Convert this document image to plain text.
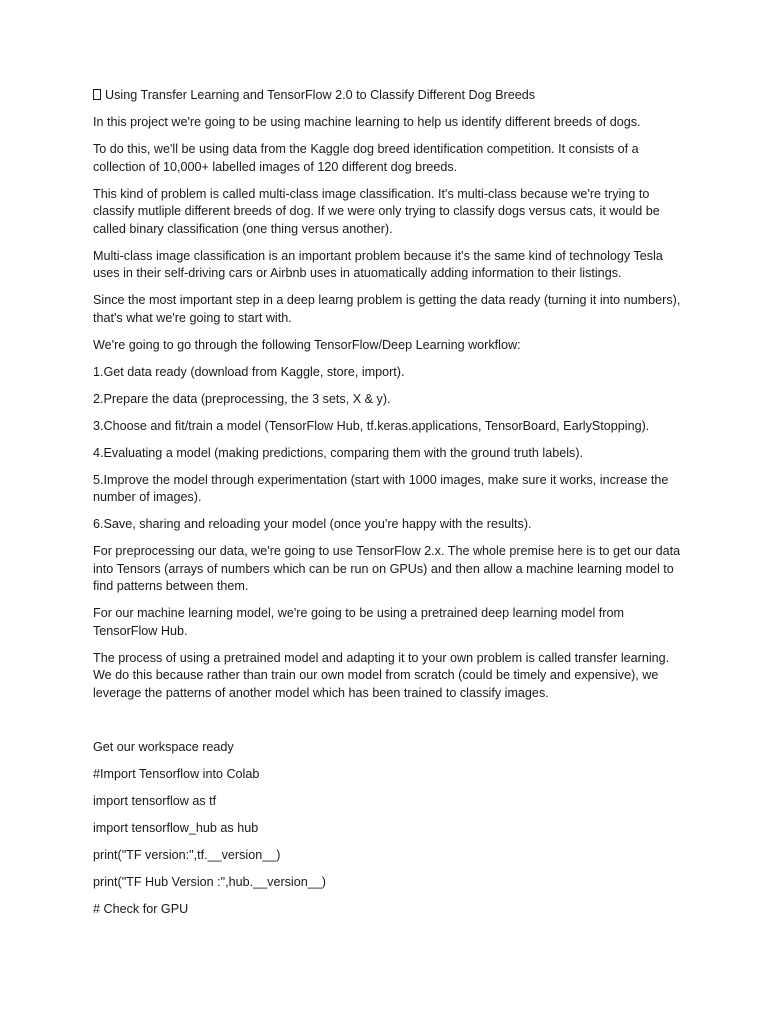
Using Transfer Learning and TensorFlow 2.0 to Classify Different Dog Breeds

In this project we're going to be using machine learning to help us identify different breeds of dogs.

To do this, we'll be using data from the Kaggle dog breed identification competition. It consists of a collection of 10,000+ labelled images of 120 different dog breeds.

This kind of problem is called multi-class image classification. It's multi-class because we're trying to classify mutliple different breeds of dog. If we were only trying to classify dogs versus cats, it would be called binary classification (one thing versus another).

Multi-class image classification is an important problem because it's the same kind of technology Tesla uses in their self-driving cars or Airbnb uses in atuomatically adding information to their listings.

Since the most important step in a deep learng problem is getting the data ready (turning it into numbers), that's what we're going to start with.

We're going to go through the following TensorFlow/Deep Learning workflow:

1.Get data ready (download from Kaggle, store, import).

2.Prepare the data (preprocessing, the 3 sets, X & y).

3.Choose and fit/train a model (TensorFlow Hub, tf.keras.applications, TensorBoard, EarlyStopping).

4.Evaluating a model (making predictions, comparing them with the ground truth labels).

5.Improve the model through experimentation (start with 1000 images, make sure it works, increase the number of images).

6.Save, sharing and reloading your model (once you're happy with the results).

For preprocessing our data, we're going to use TensorFlow 2.x. The whole premise here is to get our data into Tensors (arrays of numbers which can be run on GPUs) and then allow a machine learning model to find patterns between them.

For our machine learning model, we're going to be using a pretrained deep learning model from TensorFlow Hub.

The process of using a pretrained model and adapting it to your own problem is called transfer learning. We do this because rather than train our own model from scratch (could be timely and expensive), we leverage the patterns of another model which has been trained to classify images.

Get our workspace ready

#Import Tensorflow into Colab

import tensorflow as tf

import tensorflow_hub as hub

print("TF version:",tf.__version__)

print("TF Hub Version :",hub.__version__)

# Check for GPU
